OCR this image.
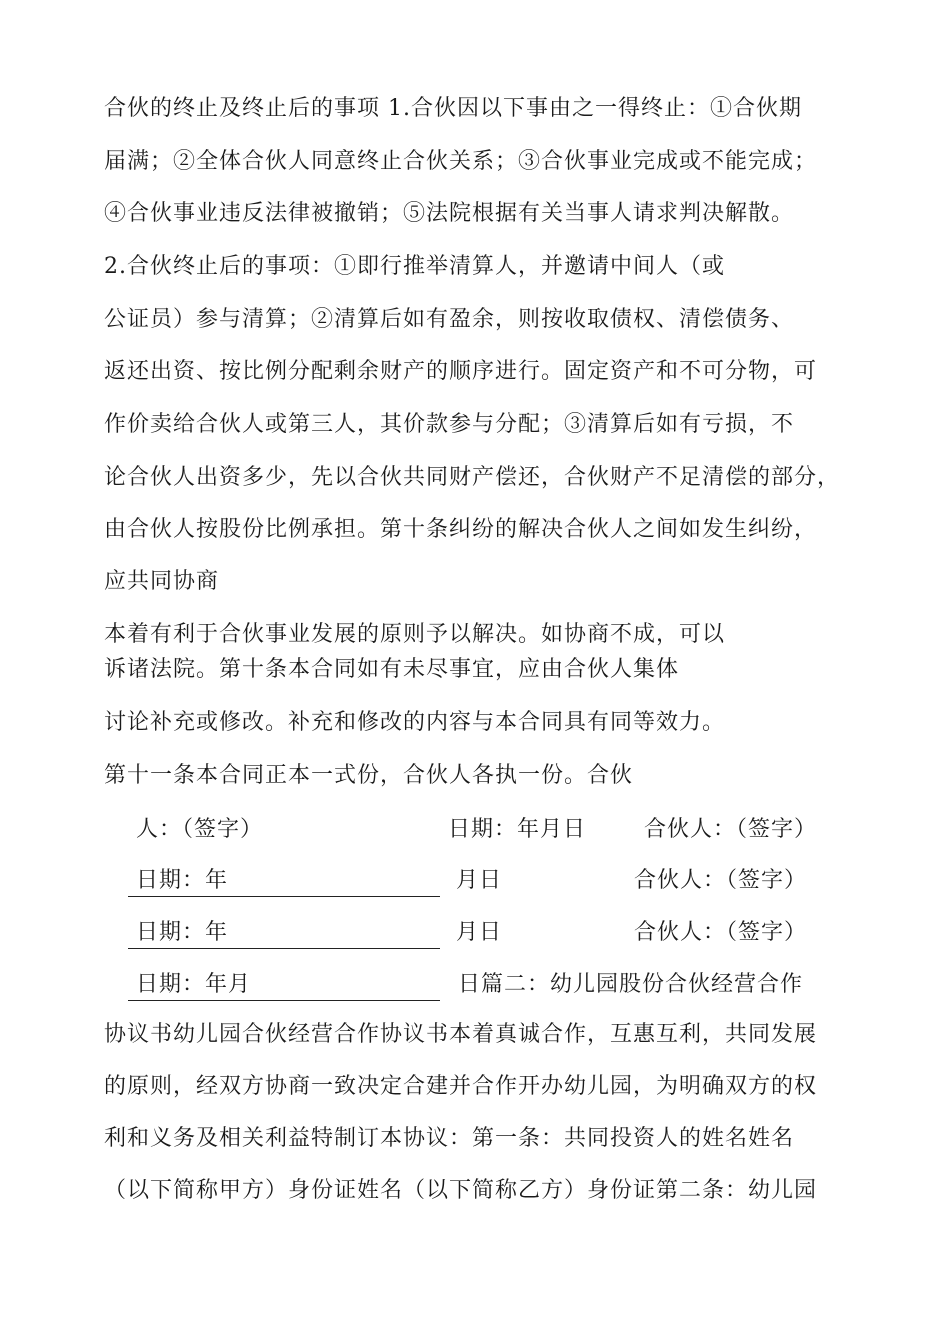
合伙的终止及终止后的事项 1.合伙因以下事由之一得终止：①合伙期
届满；②全体合伙人同意终止合伙关系；③合伙事业完成或不能完成；
④合伙事业违反法律被撤销；⑤法院根据有关当事人请求判决解散。
2.合伙终止后的事项：①即行推举清算人，并邀请中间人（或
公证员）参与清算；②清算后如有盈余，则按收取债权、清偿债务、
返还出资、按比例分配剩余财产的顺序进行。固定资产和不可分物，可
作价卖给合伙人或第三人，其价款参与分配；③清算后如有亏损，不
论合伙人出资多少，先以合伙共同财产偿还，合伙财产不足清偿的部分，
由合伙人按股份比例承担。第十条纠纷的解决合伙人之间如发生纠纷，
应共同协商
本着有利于合伙事业发展的原则予以解决。如协商不成，可以
诉诸法院。第十条本合同如有未尽事宜，应由合伙人集体
讨论补充或修改。补充和修改的内容与本合同具有同等效力。
第十一条本合同正本一式份，合伙人各执一份。合伙
人：（签字）	日期：年月日	合伙人：（签字）
日期：年	月日	合伙人：（签字）
日期：年	月日	合伙人：（签字）
日期：年月	日篇二：幼儿园股份合伙经营合作
协议书幼儿园合伙经营合作协议书本着真诚合作，互惠互利，共同发展
的原则，经双方协商一致决定合建并合作开办幼儿园，为明确双方的权
利和义务及相关利益特制订本协议：第一条：共同投资人的姓名姓名
（以下简称甲方）身份证姓名（以下简称乙方）身份证第二条：幼儿园
